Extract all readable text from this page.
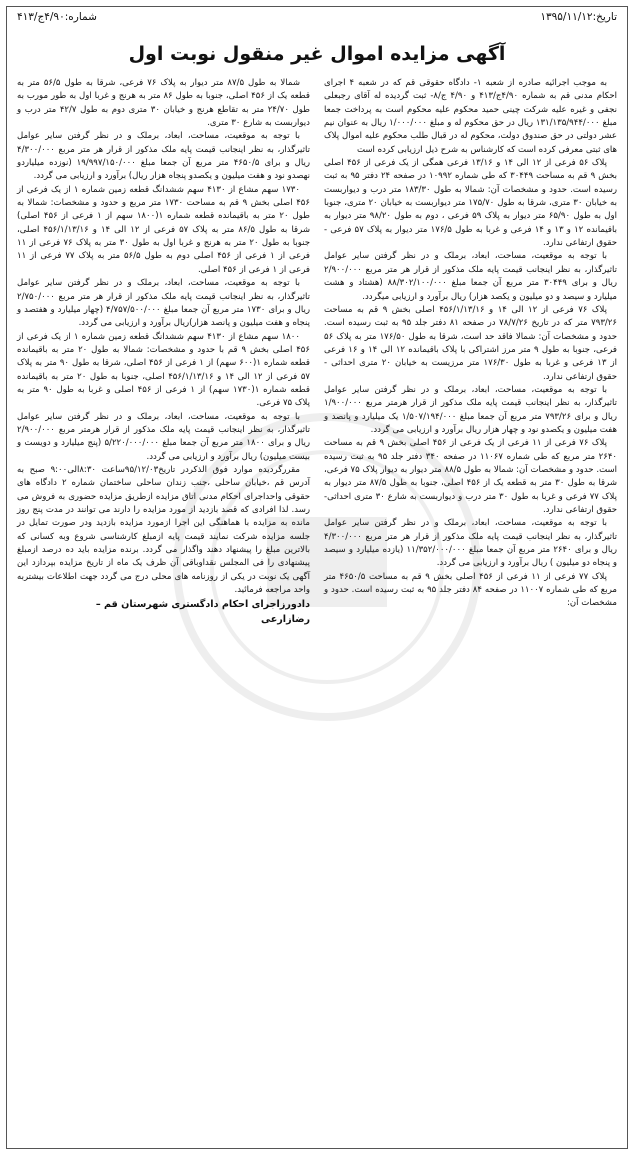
تاریخ:۱۳۹۵/۱۱/۱۲
شماره:۴/۹۰ج/۴۱۳
آگهی مزایده اموال غیر منقول نوبت اول

به موجب اجرائیه صادره از شعبه ۱- دادگاه حقوقی قم که در شعبه ۴ اجرای احکام مدنی قم به شماره ۴/۹۰ج/۴۱۳ و ۴/۹۰ ج/۸- ثبت گردیده له آقای رجبعلی نجفی و غیره علیه شرکت چینی حمید محکوم علیه محکوم است به پرداخت جمعا مبلغ ۱۳۱/۱۳۵/۹۴۴/۰۰۰ ریال در حق محکوم له و مبلغ ۱/۰۰۰/۰۰۰ ریال به عنوان نیم عشر دولتی در حق صندوق دولت، محکوم له در قبال طلب محکوم علیه اموال پلاک های ثبتی معرفی کرده است که کارشناس به شرح ذیل ارزیابی کرده است

پلاک ۵۶ فرعی از ۱۲ الی ۱۴ و ۱۳/۱۶ فرعی همگی از یک فرعی از ۴۵۶ اصلی بخش ۹ قم به مساحت ۳۰۴۴۹ که طی شماره ۱۰۹۹۲ در صفحه ۲۴ دفتر ۹۵ به ثبت رسیده است. حدود و مشخصات آن: شمالا به طول ۱۸۳/۳۰ متر درب و دیواربست به خیابان ۳۰ متری، شرقا به طول ۱۷۵/۷۰ متر دیواربست به خیابان ۲۰ متری، جنوبا اول به طول ۶۵/۹۰ متر دیوار به پلاک ۵۹ فرعی ، دوم به طول ۹۸/۲۰ متر دیوار به باقیمانده ۱۲ و ۱۳ و ۱۴ فرعی و غربا به طول ۱۷۶/۵ متر دیوار به پلاک ۵۷ فرعی - حقوق ارتفاعی ندارد.

با توجه به موقعیت، مساحت، ابعاد، برملک و در نظر گرفتن سایر عوامل تاثیرگذار، به نظر اینجانب قیمت پایه ملک مذکور از قرار هر متر مربع ۲/۹۰۰/۰۰۰ ریال و برای ۳۰۴۴۹ متر مربع آن جمعا مبلغ ۸۸/۳۰۲/۱۰۰/۰۰۰ (هشتاد و هشت میلیارد و سیصد و دو میلیون و یکصد هزار) ریال برآورد و ارزیابی میگردد.

پلاک ۷۶ فرعی از ۱۲ الی ۱۴ و ۴۵۶/۱/۱۳/۱۶ اصلی بخش ۹ قم به مساحت ۷۹۳/۲۶ متر که در تاریخ ۷۸/۷/۲۶ در صفحه ۸۱ دفتر جلد ۹۵ به ثبت رسیده است. حدود و مشخصات آن: شمالا فاقد حد است، شرقا به طول ۱۷۶/۵۰ متر به پلاک ۵۶ فرعی، جنوبا به طول ۹ متر مرز اشتراکی با پلاک باقیمانده ۱۲ الی ۱۴ و ۱۶ فرعی از ۱۳ فرعی و غربا به طول ۱۷۶/۳۰ متر مرزیست به خیابان ۲۰ متری احداثی - حقوق ارتفاعی ندارد.

با توجه به موقعیت، مساحت، ابعاد، برملک و در نظر گرفتن سایر عوامل تاثیرگذار، به نظر اینجانب قیمت پایه ملک مذکور از قرار هرمتر مربع ۱/۹۰۰/۰۰۰ ریال و برای ۷۹۳/۲۶ متر مربع آن جمعا مبلغ ۱/۵۰۷/۱۹۴/۰۰۰ یک میلیارد و پانصد و هفت میلیون و یکصدو نود و چهار هزار ریال برآورد و ارزیابی می گردد.

پلاک ۷۶ فرعی از ۱۱ فرعی از یک فرعی از ۴۵۶ اصلی بخش ۹ قم به مساحت ۲۶۴۰ متر مربع که طی شماره ۱۱۰۶۷ در صفحه ۳۴۰ دفتر جلد ۹۵ به ثبت رسیده است. حدود و مشخصات آن: شمالا به طول ۸۸/۵ متر دیوار به دیوار پلاک ۷۵ فرعی، شرقا به طول ۳۰ متر به قطعه یک از ۴۵۶ اصلی، جنوبا به طول ۸۷/۵ متر دیوار به پلاک ۷۷ فرعی و غربا به طول ۳۰ متر درب و دیواربست به شارع ۳۰ متری احداثی- حقوق ارتفاعی ندارد.

با توجه به موقعیت، مساحت، ابعاد، برملک و در نظر گرفتن سایر عوامل تاثیرگذار، به نظر اینجانب قیمت پایه ملک مذکور از قرار هر متر مربع ۴/۳۰۰/۰۰۰ ریال و برای ۲۶۴۰ متر مربع آن جمعا مبلغ ۱۱/۳۵۲/۰۰۰/۰۰۰ (یازده میلیارد و سیصد و پنجاه دو میلیون ) ریال برآورد و ارزیابی می گردد.

پلاک ۷۷ فرعی از ۱۱ فرعی از ۴۵۶ اصلی بخش ۹ قم به مساحت ۴۶۵۰/۵ متر مربع که طی شماره ۱۱۰۰۷ در صفحه ۸۴ دفتر جلد ۹۵ به ثبت رسیده است. حدود و مشخصات آن:

شمالا به طول ۸۷/۵ متر دیوار به پلاک ۷۶ فرعی، شرقا به طول ۵۶/۵ متر به قطعه یک از ۴۵۶ اصلی، جنوبا به طول ۸۶ متر به هرنج و غربا اول به طور مورب به طول ۲۴/۷۰ متر به تقاطع هرنج و خیابان ۳۰ متری دوم به طول ۴۲/۷ متر درب و دیواربست به شارع ۳۰ متری.

با توجه به موقعیت، مساحت، ابعاد، برملک و در نظر گرفتن سایر عوامل تاثیرگذار، به نظر اینجانب قیمت پایه ملک مذکور از قرار هر متر مربع ۴/۳۰۰/۰۰۰ ریال و برای ۴۶۵۰/۵ متر مربع آن جمعا مبلغ ۱۹/۹۹۷/۱۵۰/۰۰۰ (نوزده میلیاردو نهصدو نود و هفت میلیون و یکصدو پنجاه هزار ریال) برآورد و ارزیابی می گردد.

۱۷۳۰ سهم مشاع از ۴۱۳۰ سهم ششدانگ قطعه زمین شماره ۱ از یک فرعی از ۴۵۶ اصلی بخش ۹ قم به مساحت ۱۷۳۰ متر مربع و حدود و مشخصات: شمالا به طول ۲۰ متر به باقیمانده قطعه شماره ۱(۱۸۰۰ سهم از ۱ فرعی از ۴۵۶ اصلی) شرقا به طول ۸۶/۵ متر به پلاک ۵۷ فرعی از ۱۲ الی ۱۴ و ۴۵۶/۱/۱۳/۱۶ اصلی، جنوبا به طول ۲۰ متر به هرنج و غربا اول به طول ۳۰ متر به پلاک ۷۶ فرعی از ۱۱ فرعی از ۱ فرعی از ۴۵۶ اصلی دوم به طول ۵۶/۵ متر به پلاک ۷۷ فرعی از ۱۱ فرعی از ۱ فرعی از ۴۵۶ اصلی.

با توجه به موقعیت، مساحت، ابعاد، برملک و در نظر گرفتن سایر عوامل تاثیرگذار، به نظر اینجانب قیمت پایه ملک مذکور از قرار هر متر مربع ۲/۷۵۰/۰۰۰ ریال و برای ۱۷۳۰ متر مربع آن جمعا مبلغ ۴/۷۵۷/۵۰۰/۰۰۰ (چهار میلیارد و هفتصد و پنجاه و هفت میلیون و پانصد هزار)ریال برآورد و ارزیابی می گردد.

۱۸۰۰ سهم مشاع از ۴۱۳۰ سهم ششدانگ قطعه زمین شماره ۱ از یک فرعی از ۴۵۶ اصلی بخش ۹ قم با حدود و مشخصات: شمالا به طول ۲۰ متر به باقیمانده قطعه شماره ۱(۶۰۰ سهم) از ۱ فرعی از ۴۵۶ اصلی، شرقا به طول ۹۰ متر به پلاک ۵۷ فرعی از ۱۲ الی ۱۴ و ۴۵۶/۱/۱۳/۱۶ اصلی، جنوبا به طول ۲۰ متر به باقیمانده قطعه شماره ۱(۱۷۳۰ سهم) از ۱ فرعی از ۴۵۶ اصلی و غربا به طول ۹۰ متر به پلاک ۷۵ فرعی.

با توجه به موقعیت، مساحت، ابعاد، برملک و در نظر گرفتن سایر عوامل تاثیرگذار، به نظر اینجانب قیمت پایه ملک مذکور از قرار هرمتر مربع ۲/۹۰۰/۰۰۰ ریال و برای ۱۸۰۰ متر مربع آن جمعا مبلغ ۵/۲۲۰/۰۰۰/۰۰۰ (پنج میلیارد و دویست و بیست میلیون) ریال برآورد و ارزیابی می گردد.

مقررگردیده موارد فوق الذکردر تاریخ۹۵/۱۲/۰۳ساعت ۸:۳۰الی۹:۰۰ صبح به آدرس قم ،خیابان ساحلی ،جنب زندان ساحلی ساختمان شماره ۲ دادگاه های حقوقی واحداجرای احکام مدنی اتاق مزایده ازطریق مزایده حضوری به فروش می رسد. لذا افرادی که قصد بازدید از مورد مزایده را دارند می توانند در مدت پنج روز مانده به مزایده با هماهنگی این اجرا ازمورد مزایده بازدید ودر صورت تمایل در جلسه مزایده شرکت نمایند قیمت پایه ازمبلغ کارشناسی شروع وبه کسانی که بالاترین مبلغ را پیشنهاد دهند واگذار می گردد. برنده مزایده باید ده درصد ازمبلغ پیشنهادی را فی المجلس نقداوباقی آن ظرف یک ماه از تاریخ مزایده بپردازد این آگهی یک نوبت در یکی از روزنامه های محلی درج می گردد جهت اطلاعات بیشتربه واحد مراجعه فرمائید.

دادورزاجرای احکام دادگستری شهرستان قم –

رضازارعی
